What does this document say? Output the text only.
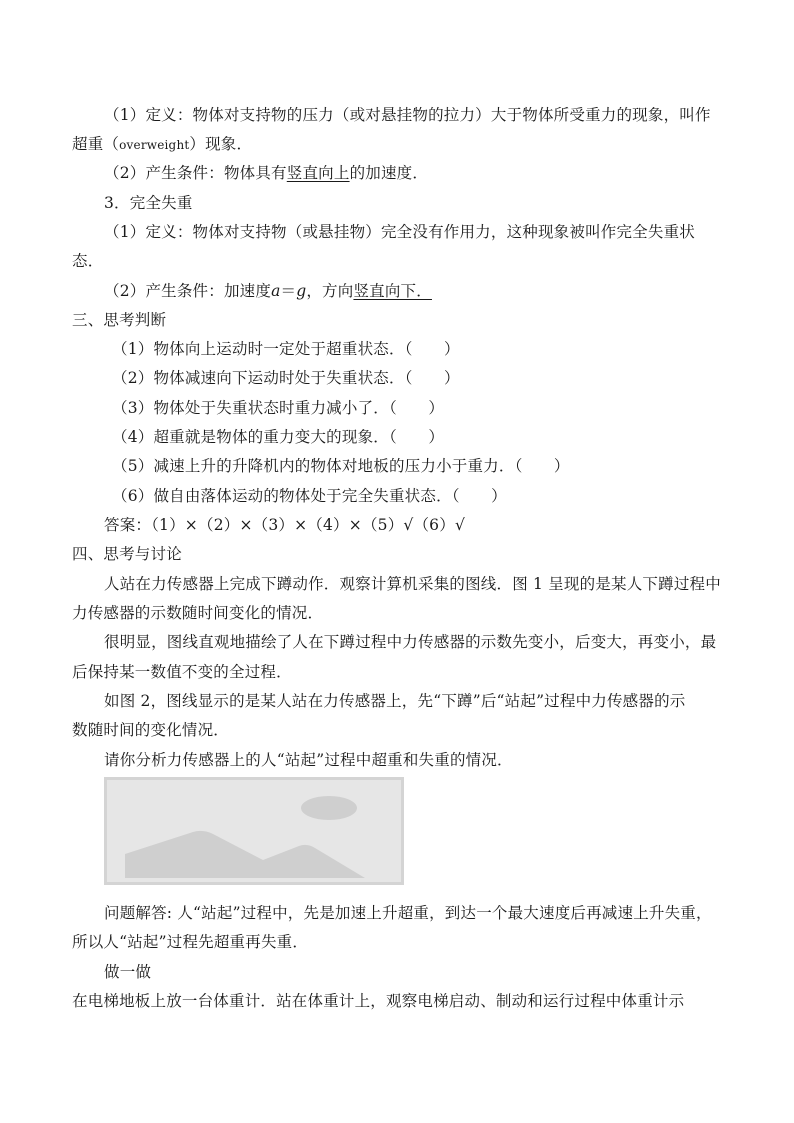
（1）定义：物体对支持物的压力（或对悬挂物的拉力）大于物体所受重力的现象，叫作
超重（overweight）现象．
（2）产生条件：物体具有竖直向上的加速度．
3．完全失重
（1）定义：物体对支持物（或悬挂物）完全没有作用力，这种现象被叫作完全失重状
态．
（2）产生条件：加速度a＝g，方向竖直向下．
三、思考判断
（1）物体向上运动时一定处于超重状态．（　　）
（2）物体减速向下运动时处于失重状态．（　　）
（3）物体处于失重状态时重力减小了．（　　）
（4）超重就是物体的重力变大的现象．（　　）
（5）减速上升的升降机内的物体对地板的压力小于重力．（　　）
（6）做自由落体运动的物体处于完全失重状态．（　　）
答案：（1）×（2）×（3）×（4）×（5）√（6）√
四、思考与讨论
人站在力传感器上完成下蹲动作．观察计算机采集的图线．图 1 呈现的是某人下蹲过程中
力传感器的示数随时间变化的情况．
很明显，图线直观地描绘了人在下蹲过程中力传感器的示数先变小，后变大，再变小，最
后保持某一数值不变的全过程．
如图 2，图线显示的是某人站在力传感器上，先“下蹲”后“站起”过程中力传感器的示
数随时间的变化情况．
请你分析力传感器上的人“站起”过程中超重和失重的情况．
问题解答: 人“站起”过程中，先是加速上升超重，到达一个最大速度后再减速上升失重，
所以人“站起”过程先超重再失重．
做一做
在电梯地板上放一台体重计．站在体重计上，观察电梯启动、制动和运行过程中体重计示
